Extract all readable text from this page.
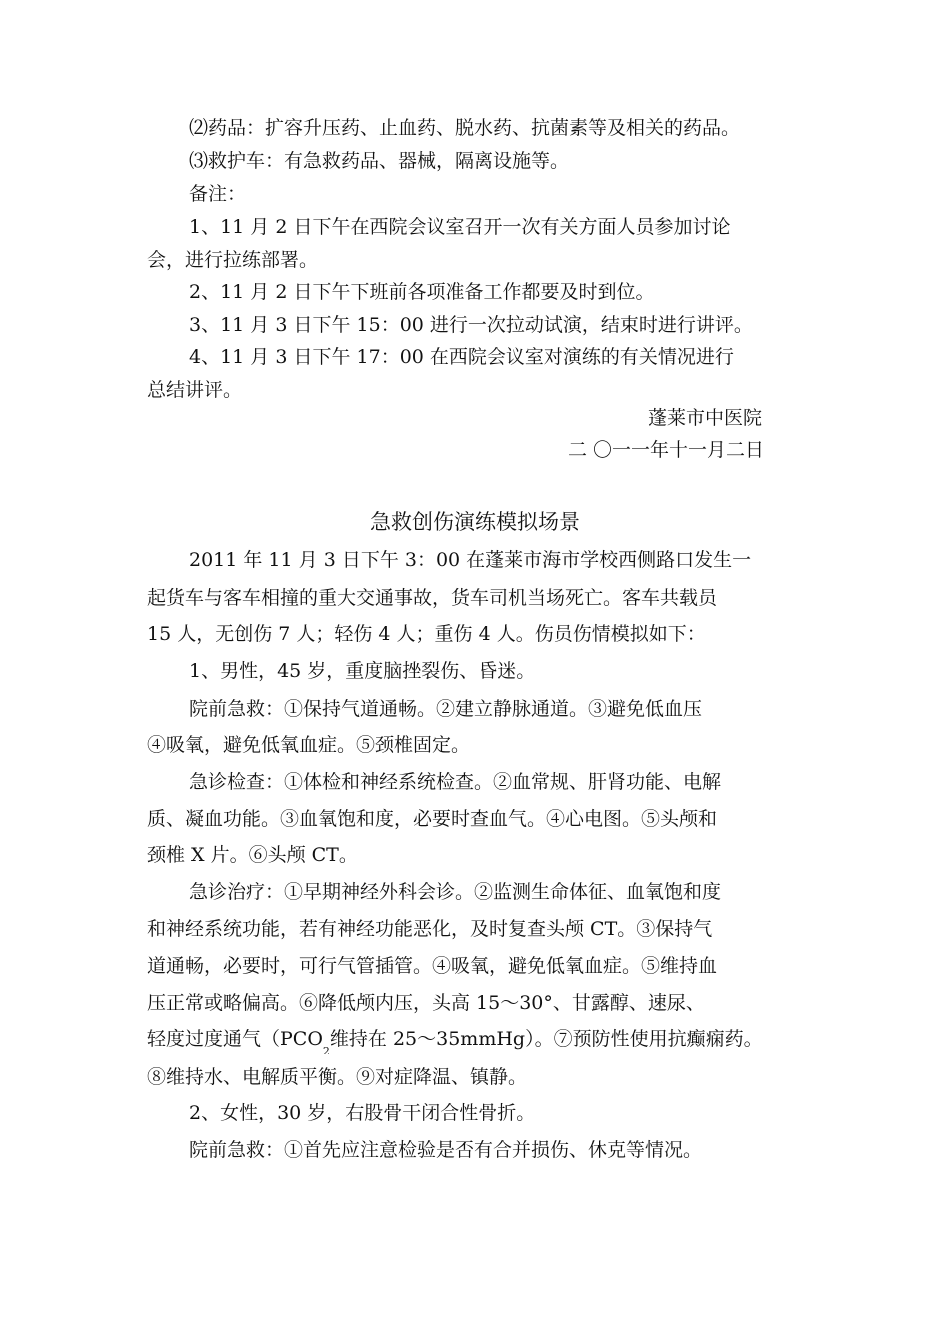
⑵药品：扩容升压药、止血药、脱水药、抗菌素等及相关的药品。
⑶救护车：有急救药品、器械，隔离设施等。
备注：
1、11 月 2 日下午在西院会议室召开一次有关方面人员参加讨论
会，进行拉练部署。
2、11 月 2 日下午下班前各项准备工作都要及时到位。
3、11 月 3 日下午 15：00 进行一次拉动试演，结束时进行讲评。
4、11 月 3 日下午 17：00 在西院会议室对演练的有关情况进行
总结讲评。
蓬莱市中医院
二 〇一一年十一月二日
急救创伤演练模拟场景
2011 年 11 月 3 日下午 3：00 在蓬莱市海市学校西侧路口发生一
起货车与客车相撞的重大交通事故，货车司机当场死亡。客车共载员
15 人，无创伤 7 人；轻伤 4 人；重伤 4 人。伤员伤情模拟如下：
1、男性，45 岁，重度脑挫裂伤、昏迷。
院前急救：①保持气道通畅。②建立静脉通道。③避免低血压
④吸氧，避免低氧血症。⑤颈椎固定。
急诊检查：①体检和神经系统检查。②血常规、肝肾功能、电解
质、凝血功能。③血氧饱和度，必要时查血气。④心电图。⑤头颅和
颈椎 X 片。⑥头颅 CT。
急诊治疗：①早期神经外科会诊。②监测生命体征、血氧饱和度
和神经系统功能，若有神经功能恶化，及时复查头颅 CT。③保持气
道通畅，必要时，可行气管插管。④吸氧，避免低氧血症。⑤维持血
压正常或略偏高。⑥降低颅内压，头高 15～30°、甘露醇、速尿、
轻度过度通气（$PCO_2$维持在 25～35mmHg）。⑦预防性使用抗癫痫药。
⑧维持水、电解质平衡。⑨对症降温、镇静。
2、女性，30 岁，右股骨干闭合性骨折。
院前急救：①首先应注意检验是否有合并损伤、休克等情况。
